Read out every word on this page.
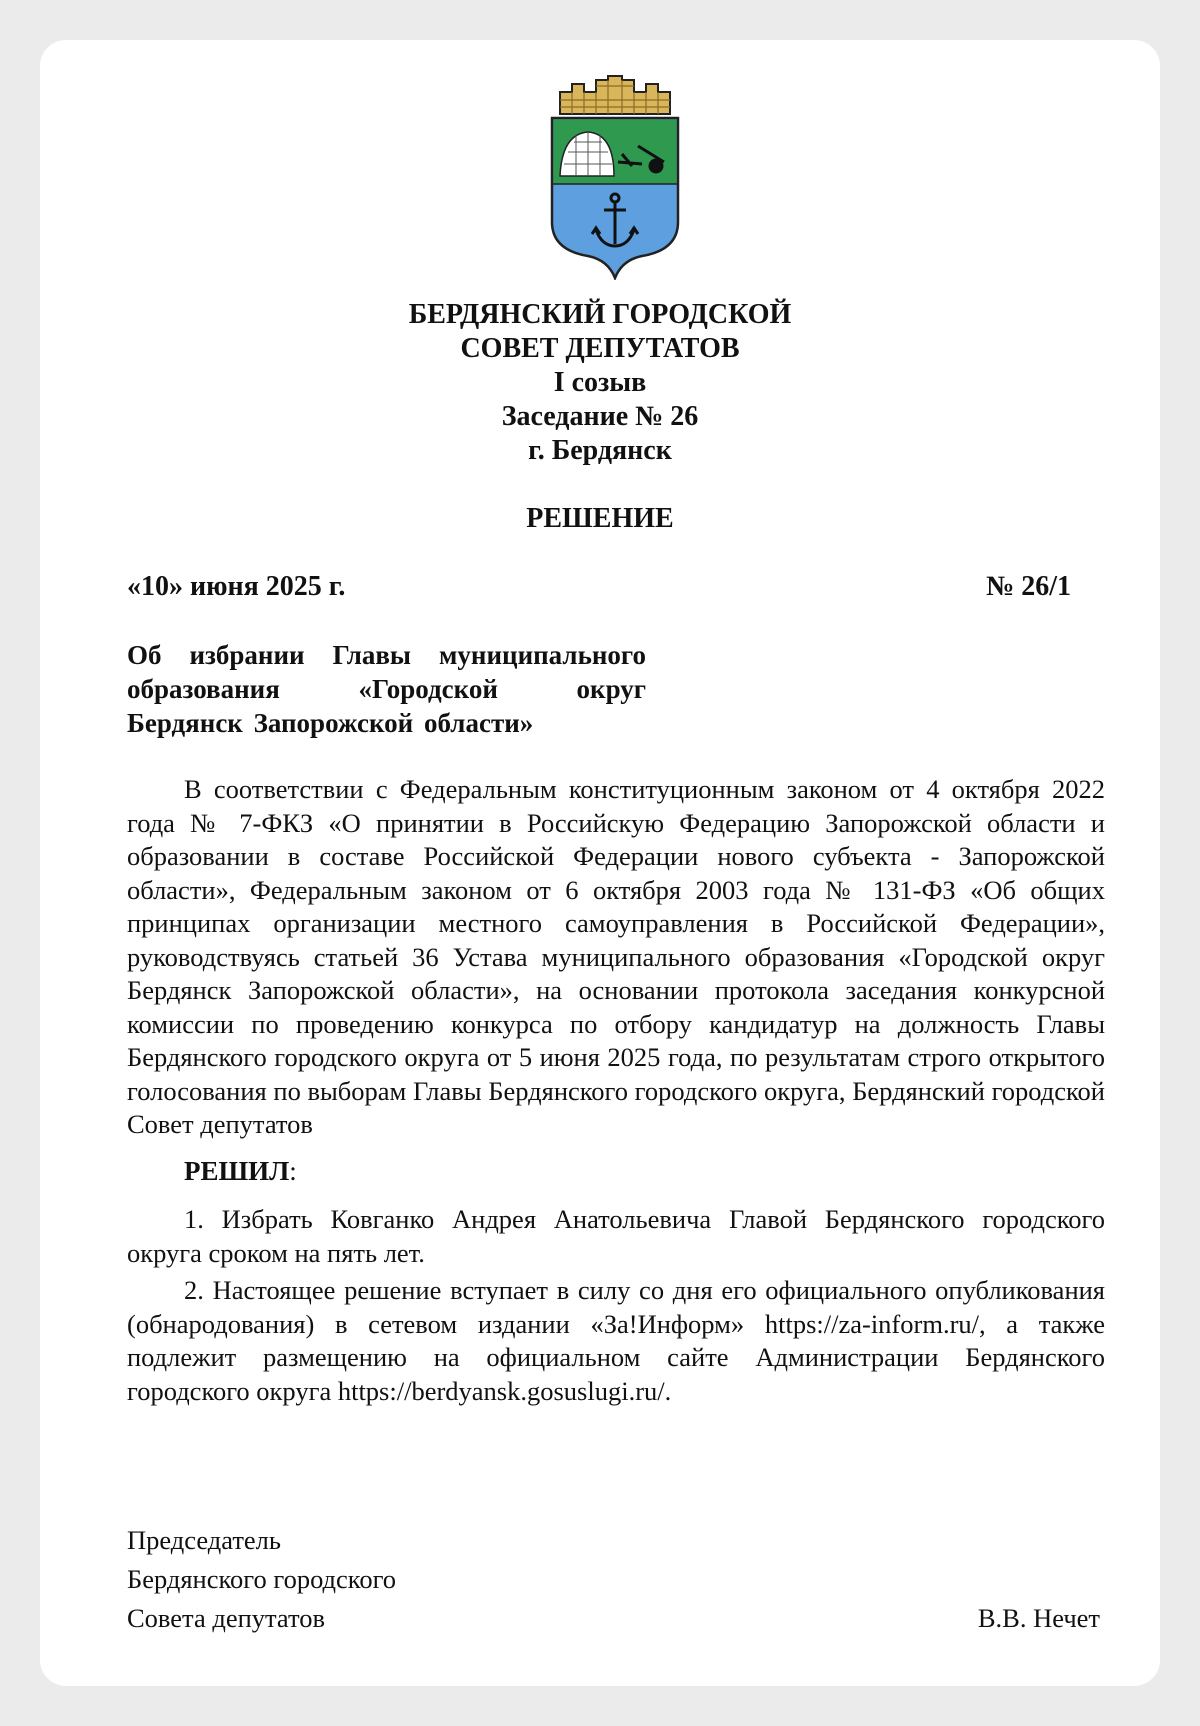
БЕРДЯНСКИЙ ГОРОДСКОЙ
СОВЕТ ДЕПУТАТОВ
I созыв
Заседание № 26
г. Бердянск
РЕШЕНИЕ
«10» июня 2025 г.	№ 26/1
Об избрании Главы муниципального
образования «Городской округ
Бердянск Запорожской области»

В соответствии с Федеральным конституционным законом от 4 октября 2022 года № 7-ФКЗ «О принятии в Российскую Федерацию Запорожской области и образовании в составе Российской Федерации нового субъекта - Запорожской области», Федеральным законом от 6 октября 2003 года № 131-ФЗ «Об общих принципах организации местного самоуправления в Российской Федерации», руководствуясь статьей 36 Устава муниципального образования «Городской округ Бердянск Запорожской области», на основании протокола заседания конкурсной комиссии по проведению конкурса по отбору кандидатур на должность Главы Бердянского городского округа от 5 июня 2025 года, по результатам строго открытого голосования по выборам Главы Бердянского городского округа, Бердянский городской Совет депутатов

РЕШИЛ:

1. Избрать Ковганко Андрея Анатольевича Главой Бердянского городского округа сроком на пять лет.

2. Настоящее решение вступает в силу со дня его официального опубликования (обнародования) в сетевом издании «За!Информ» https://za-inform.ru/, а также подлежит размещению на официальном сайте Администрации Бердянского городского округа https://berdyansk.gosuslugi.ru/.

Председатель
Бердянского городского
Совета депутатов	В.В. Нечет
